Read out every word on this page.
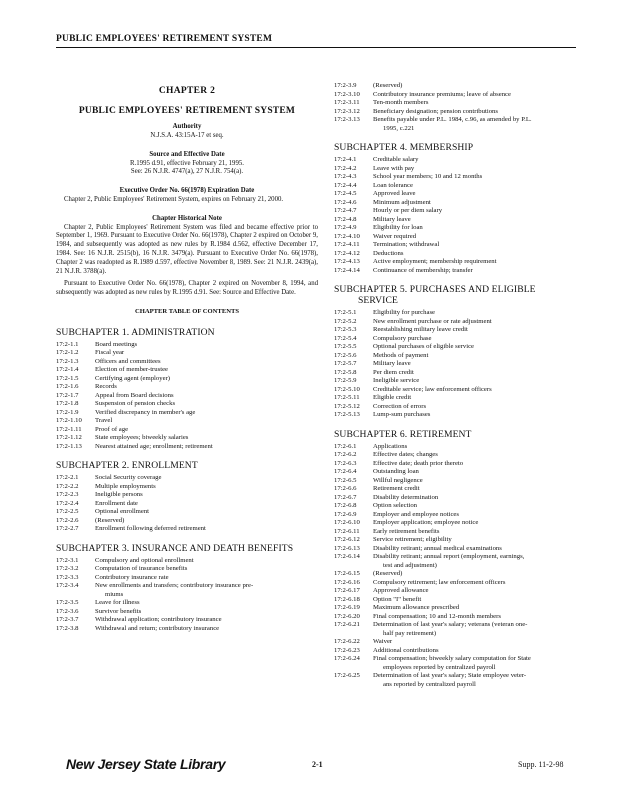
PUBLIC EMPLOYEES' RETIREMENT SYSTEM
CHAPTER 2
PUBLIC EMPLOYEES' RETIREMENT SYSTEM
Authority
N.J.S.A. 43:15A-17 et seq.
Source and Effective Date
R.1995 d.91, effective February 21, 1995.
See: 26 N.J.R. 4747(a), 27 N.J.R. 754(a).
Executive Order No. 66(1978) Expiration Date

Chapter 2, Public Employees' Retirement System, expires on February 21, 2000.

Chapter Historical Note

Chapter 2, Public Employees' Retirement System was filed and became effective prior to September 1, 1969. Pursuant to Executive Order No. 66(1978), Chapter 2 expired on October 9, 1984, and subsequently was adopted as new rules by R.1984 d.562, effective December 17, 1984. See: 16 N.J.R. 2515(b), 16 N.J.R. 3479(a). Pursuant to Executive Order No. 66(1978), Chapter 2 was readopted as R.1989 d.597, effective November 8, 1989. See: 21 N.J.R. 2439(a), 21 N.J.R. 3788(a).

Pursuant to Executive Order No. 66(1978), Chapter 2 expired on November 8, 1994, and subsequently was adopted as new rules by R.1995 d.91. See: Source and Effective Date.

CHAPTER TABLE OF CONTENTS
SUBCHAPTER 1. ADMINISTRATION
17:2-1.1	Board meetings
17:2-1.2	Fiscal year
17:2-1.3	Officers and committees
17:2-1.4	Election of member-trustee
17:2-1.5	Certifying agent (employer)
17:2-1.6	Records
17:2-1.7	Appeal from Board decisions
17:2-1.8	Suspension of pension checks
17:2-1.9	Verified discrepancy in member's age
17:2-1.10	Travel
17:2-1.11	Proof of age
17:2-1.12	State employees; biweekly salaries
17:2-1.13	Nearest attained age; enrollment; retirement
SUBCHAPTER 2. ENROLLMENT
17:2-2.1	Social Security coverage
17:2-2.2	Multiple employments
17:2-2.3	Ineligible persons
17:2-2.4	Enrollment date
17:2-2.5	Optional enrollment
17:2-2.6	(Reserved)
17:2-2.7	Enrollment following deferred retirement
SUBCHAPTER 3. INSURANCE AND DEATH BENEFITS
17:2-3.1	Compulsory and optional enrollment
17:2-3.2	Computation of insurance benefits
17:2-3.3	Contributory insurance rate
17:2-3.4	New enrollments and transfers; contributory insurance pre-
miums
17:2-3.5	Leave for illness
17:2-3.6	Survivor benefits
17:2-3.7	Withdrawal application; contributory insurance
17:2-3.8	Withdrawal and return; contributory insurance
17:2-3.9	(Reserved)
17:2-3.10	Contributory insurance premiums; leave of absence
17:2-3.11	Ten-month members
17:2-3.12	Beneficiary designation; pension contributions
17:2-3.13	Benefits payable under P.L. 1984, c.96, as amended by P.L.
1995, c.221
SUBCHAPTER 4. MEMBERSHIP
17:2-4.1	Creditable salary
17:2-4.2	Leave with pay
17:2-4.3	School year members; 10 and 12 months
17:2-4.4	Loan tolerance
17:2-4.5	Approved leave
17:2-4.6	Minimum adjustment
17:2-4.7	Hourly or per diem salary
17:2-4.8	Military leave
17:2-4.9	Eligibility for loan
17:2-4.10	Waiver required
17:2-4.11	Termination; withdrawal
17:2-4.12	Deductions
17:2-4.13	Active employment; membership requirement
17:2-4.14	Continuance of membership; transfer
SUBCHAPTER 5. PURCHASES AND ELIGIBLE
SERVICE
17:2-5.1	Eligibility for purchase
17:2-5.2	New enrollment purchase or rate adjustment
17:2-5.3	Reestablishing military leave credit
17:2-5.4	Compulsory purchase
17:2-5.5	Optional purchases of eligible service
17:2-5.6	Methods of payment
17:2-5.7	Military leave
17:2-5.8	Per diem credit
17:2-5.9	Ineligible service
17:2-5.10	Creditable service; law enforcement officers
17:2-5.11	Eligible credit
17:2-5.12	Correction of errors
17:2-5.13	Lump-sum purchases
SUBCHAPTER 6. RETIREMENT
17:2-6.1	Applications
17:2-6.2	Effective dates; changes
17:2-6.3	Effective date; death prior thereto
17:2-6.4	Outstanding loan
17:2-6.5	Willful negligence
17:2-6.6	Retirement credit
17:2-6.7	Disability determination
17:2-6.8	Option selection
17:2-6.9	Employer and employee notices
17:2-6.10	Employer application; employee notice
17:2-6.11	Early retirement benefits
17:2-6.12	Service retirement; eligibility
17:2-6.13	Disability retirant; annual medical examinations
17:2-6.14	Disability retirant; annual report (employment, earnings,
test and adjustment)
17:2-6.15	(Reserved)
17:2-6.16	Compulsory retirement; law enforcement officers
17:2-6.17	Approved allowance
17:2-6.18	Option "I" benefit
17:2-6.19	Maximum allowance prescribed
17:2-6.20	Final compensation; 10 and 12-month members
17:2-6.21	Determination of last year's salary; veterans (veteran one-
half pay retirement)
17:2-6.22	Waiver
17:2-6.23	Additional contributions
17:2-6.24	Final compensation; biweekly salary computation for State
employees reported by centralized payroll
17:2-6.25	Determination of last year's salary; State employee veter-
ans reported by centralized payroll
New Jersey State Library	2-1	Supp. 11-2-98
